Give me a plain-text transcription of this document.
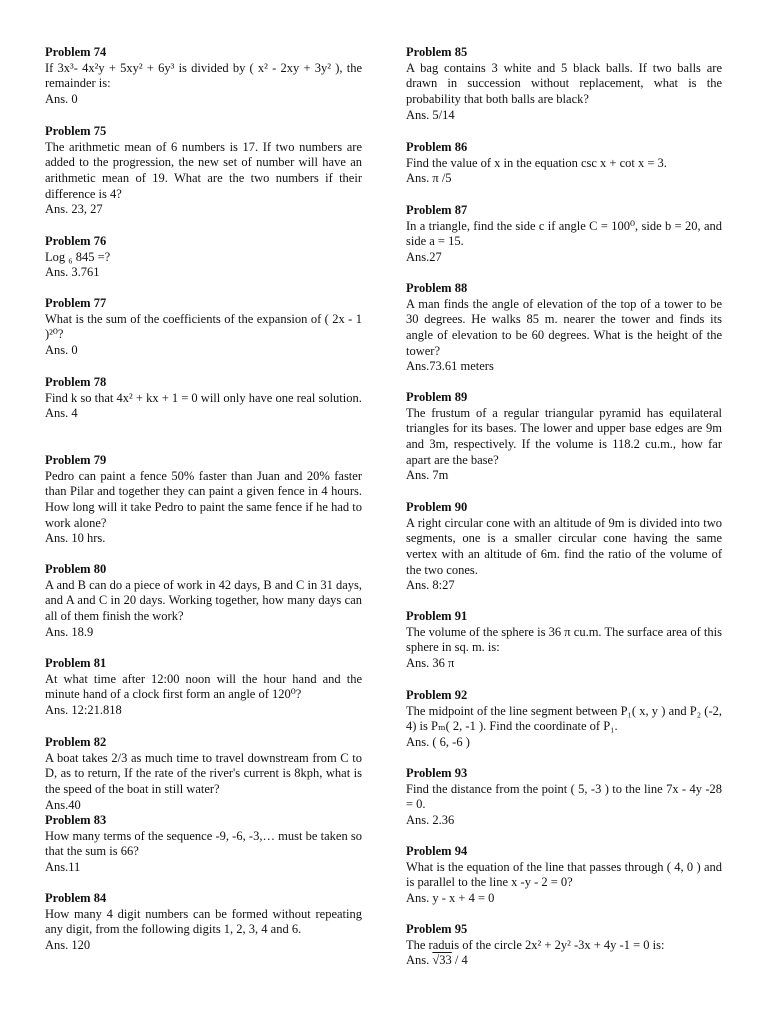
Problem 74
If 3x³- 4x²y + 5xy² + 6y³ is divided by ( x² - 2xy + 3y² ), the remainder is:
Ans. 0
Problem 75
The arithmetic mean of 6 numbers is 17. If two numbers are added to the progression, the new set of number will have an arithmetic mean of 19. What are the two numbers if their difference is 4?
Ans. 23, 27
Problem 76
Log ₆ 845 =?
Ans. 3.761
Problem 77
What is the sum of the coefficients of the expansion of ( 2x - 1 )²⁰?
Ans. 0
Problem 78
Find k so that 4x² + kx + 1 = 0 will only have one real solution.
Ans. 4
Problem 79
Pedro can paint a fence 50% faster than Juan and 20% faster than Pilar and together they can paint a given fence in 4 hours. How long will it take Pedro to paint the same fence if he had to work alone?
Ans. 10 hrs.
Problem 80
A and B can do a piece of work in 42 days, B and C in 31 days, and A and C in 20 days. Working together, how many days can all of them finish the work?
Ans. 18.9
Problem 81
At what time after 12:00 noon will the hour hand and the minute hand of a clock first form an angle of 120⁰?
Ans. 12:21.818
Problem 82
A boat takes 2/3 as much time to travel downstream from C to D, as to return, If the rate of the river's current is 8kph, what is the speed of the boat in still water?
Ans.40
Problem 83
How many terms of the sequence -9, -6, -3,… must be taken so that the sum is 66?
Ans.11
Problem 84
How many 4 digit numbers can be formed without repeating any digit, from the following digits 1, 2, 3, 4 and 6.
Ans. 120
Problem 85
A bag contains 3 white and 5 black balls. If two balls are drawn in succession without replacement, what is the probability that both balls are black?
Ans. 5/14
Problem 86
Find the value of x in the equation csc x + cot x = 3.
Ans. π /5
Problem 87
In a triangle, find the side c if angle C = 100⁰, side b = 20, and side a = 15.
Ans.27
Problem 88
A man finds the angle of elevation of the top of a tower to be 30 degrees. He walks 85 m. nearer the tower and finds its angle of elevation to be 60 degrees. What is the height of the tower?
Ans.73.61 meters
Problem 89
The frustum of a regular triangular pyramid has equilateral triangles for its bases. The lower and upper base edges are 9m and 3m, respectively. If the volume is 118.2 cu.m., how far apart are the base?
Ans. 7m
Problem 90
A right circular cone with an altitude of 9m is divided into two segments, one is a smaller circular cone having the same vertex with an altitude of 6m. find the ratio of the volume of the two cones.
Ans. 8:27
Problem 91
The volume of the sphere is 36 π cu.m. The surface area of this sphere in sq. m. is:
Ans. 36 π
Problem 92
The midpoint of the line segment between P₁( x, y ) and P₂ (-2, 4) is Pₘ( 2, -1 ). Find the coordinate of P₁.
Ans. ( 6, -6 )
Problem 93
Find the distance from the point ( 5, -3 ) to the line 7x - 4y -28 = 0.
Ans. 2.36
Problem 94
What is the equation of the line that passes through ( 4, 0 ) and is parallel to the line x -y - 2 = 0?
Ans. y - x + 4 = 0
Problem 95
The raduis of the circle 2x² + 2y² -3x + 4y -1 = 0 is:
Ans. √33 / 4
